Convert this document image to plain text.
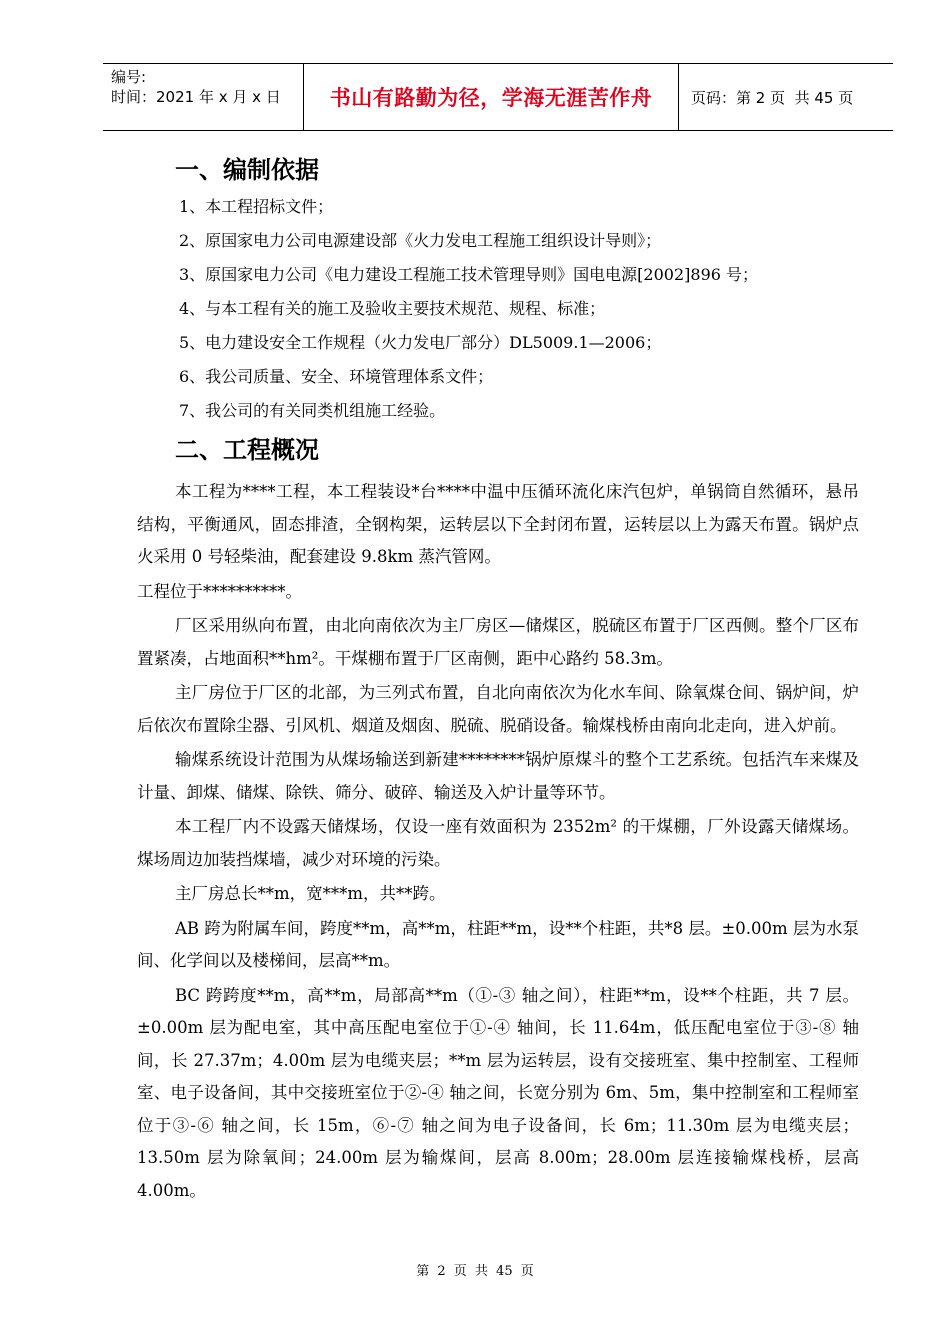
编号:
时间：2021 年 x 月 x 日	书山有路勤为径，学海无涯苦作舟	页码：第 2 页  共 45 页
一、编制依据
1、本工程招标文件；
2、原国家电力公司电源建设部《火力发电工程施工组织设计导则》；
3、原国家电力公司《电力建设工程施工技术管理导则》国电电源[2002]896 号；
4、与本工程有关的施工及验收主要技术规范、规程、标准；
5、电力建设安全工作规程（火力发电厂部分）DL5009.1—2006；
6、我公司质量、安全、环境管理体系文件；
7、我公司的有关同类机组施工经验。
二、工程概况

本工程为****工程，本工程装设*台****中温中压循环流化床汽包炉，单锅筒自然循环，悬吊结构，平衡通风，固态排渣，全钢构架，运转层以下全封闭布置，运转层以上为露天布置。锅炉点火采用 0 号轻柴油，配套建设 9.8km 蒸汽管网。

工程位于**********。

厂区采用纵向布置，由北向南依次为主厂房区—储煤区，脱硫区布置于厂区西侧。整个厂区布置紧凑，占地面积**hm²。干煤棚布置于厂区南侧，距中心路约 58.3m。

主厂房位于厂区的北部，为三列式布置，自北向南依次为化水车间、除氧煤仓间、锅炉间，炉后依次布置除尘器、引风机、烟道及烟囱、脱硫、脱硝设备。输煤栈桥由南向北走向，进入炉前。

输煤系统设计范围为从煤场输送到新建********锅炉原煤斗的整个工艺系统。包括汽车来煤及计量、卸煤、储煤、除铁、筛分、破碎、输送及入炉计量等环节。

本工程厂内不设露天储煤场，仅设一座有效面积为 2352m² 的干煤棚，厂外设露天储煤场。煤场周边加装挡煤墙，减少对环境的污染。

主厂房总长**m，宽***m，共**跨。

AB 跨为附属车间，跨度**m，高**m，柱距**m，设**个柱距，共*8 层。±0.00m 层为水泵间、化学间以及楼梯间，层高**m。

BC 跨跨度**m，高**m，局部高**m（①-③ 轴之间），柱距**m，设**个柱距，共 7 层。±0.00m 层为配电室，其中高压配电室位于①-④ 轴间，长 11.64m，低压配电室位于③-⑧ 轴间，长 27.37m；4.00m 层为电缆夹层；**m 层为运转层，设有交接班室、集中控制室、工程师室、电子设备间，其中交接班室位于②-④ 轴之间，长宽分别为 6m、5m，集中控制室和工程师室位于③-⑥ 轴之间，长 15m，⑥-⑦ 轴之间为电子设备间，长 6m；11.30m 层为电缆夹层；13.50m 层为除氧间；24.00m 层为输煤间，层高 8.00m；28.00m 层连接输煤栈桥，层高 4.00m。

第 2 页 共 45 页
